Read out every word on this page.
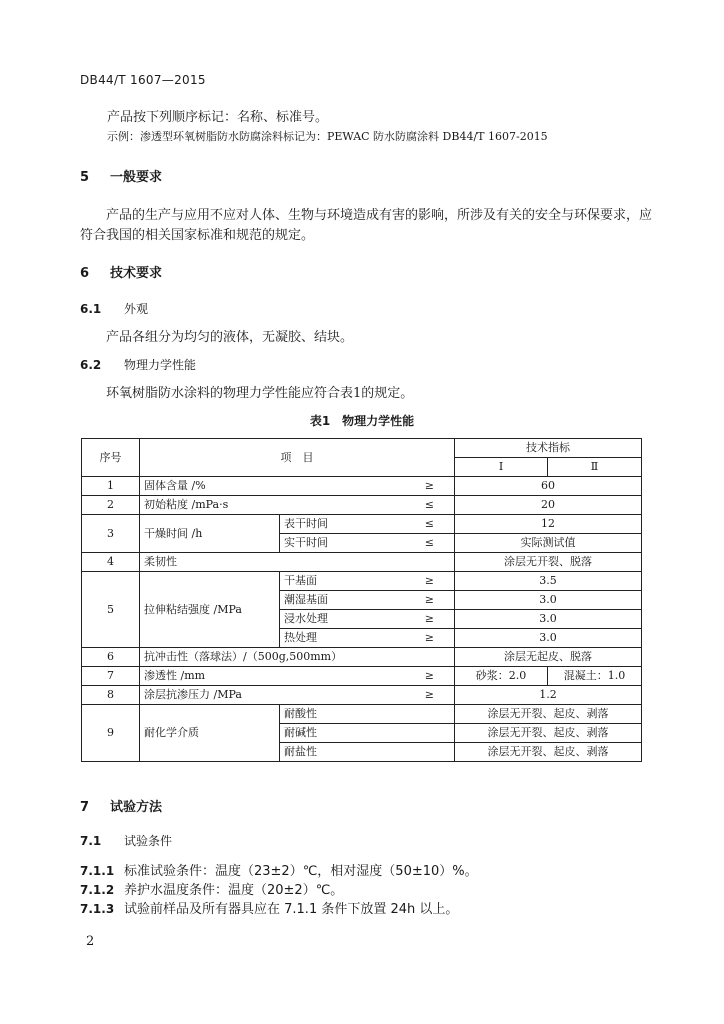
DB44/T 1607—2015
产品按下列顺序标记：名称、标准号。
示例：渗透型环氧树脂防水防腐涂料标记为：PEWAC 防水防腐涂料 DB44/T 1607-2015
5 一般要求
产品的生产与应用不应对人体、生物与环境造成有害的影响，所涉及有关的安全与环保要求，应
符合我国的相关国家标准和规范的规定。
6 技术要求
6.1 外观
产品各组分为均匀的液体，无凝胶、结块。
6.2 物理力学性能
环氧树脂防水涂料的物理力学性能应符合表1的规定。
表1　物理力学性能
序号	项　目		技术指标	
			Ⅰ	Ⅱ
1	固体含量 /% ≥		60	
2	初始粘度 /mPa·s ≤		20	
3	干燥时间 /h	表干时间 ≤	12	

		实干时间 ≤	实际测试值	
4	柔韧性		涂层无开裂、脱落	
5	拉伸粘结强度 /MPa	干基面 ≥	3.5	

		潮湿基面 ≥	3.0	

		浸水处理 ≥	3.0	

		热处理 ≥	3.0	
6	抗冲击性（落球法）/（500g,500mm）		涂层无起皮、脱落	
7	渗透性 /mm ≥		砂浆：2.0	混凝土：1.0
8	涂层抗渗压力 /MPa ≥		1.2	
9	耐化学介质	耐酸性	涂层无开裂、起皮、剥落	
		耐碱性	涂层无开裂、起皮、剥落	
		耐盐性	涂层无开裂、起皮、剥落	
7 试验方法
7.1 试验条件
7.1.1 标准试验条件：温度（23±2）℃，相对湿度（50±10）%。
7.1.2 养护水温度条件：温度（20±2）℃。
7.1.3 试验前样品及所有器具应在 7.1.1 条件下放置 24h 以上。
2
